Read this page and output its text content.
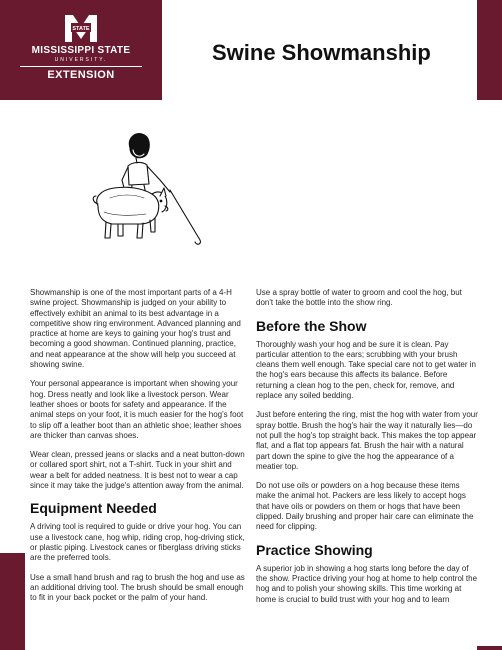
STATE
MISSISSIPPI STATE
UNIVERSITY.
EXTENSION
Swine Showmanship

Showmanship is one of the most important parts of a 4-H swine project. Showmanship is judged on your ability to effectively exhibit an animal to its best advantage in a competitive show ring environment. Advanced planning and practice at home are keys to gaining your hog's trust and becoming a good showman. Continued planning, practice, and neat appearance at the show will help you succeed at showing swine.

Your personal appearance is important when showing your hog. Dress neatly and look like a livestock person. Wear leather shoes or boots for safety and appearance. If the animal steps on your foot, it is much easier for the hog's foot to slip off a leather boot than an athletic shoe; leather shoes are thicker than canvas shoes.

Wear clean, pressed jeans or slacks and a neat button-down or collared sport shirt, not a T-shirt. Tuck in your shirt and wear a belt for added neatness. It is best not to wear a cap since it may take the judge's attention away from the animal.

Equipment Needed

A driving tool is required to guide or drive your hog. You can use a livestock cane, hog whip, riding crop, hog-driving stick, or plastic piping. Livestock canes or fiberglass driving sticks are the preferred tools.

Use a small hand brush and rag to brush the hog and use as an additional driving tool. The brush should be small enough to fit in your back pocket or the palm of your hand.

Use a spray bottle of water to groom and cool the hog, but don't take the bottle into the show ring.

Before the Show

Thoroughly wash your hog and be sure it is clean. Pay particular attention to the ears; scrubbing with your brush cleans them well enough. Take special care not to get water in the hog's ears because this affects its balance. Before returning a clean hog to the pen, check for, remove, and replace any soiled bedding.

Just before entering the ring, mist the hog with water from your spray bottle. Brush the hog's hair the way it naturally lies—do not pull the hog's top straight back. This makes the top appear flat, and a flat top appears fat. Brush the hair with a natural part down the spine to give the hog the appearance of a meatier top.

Do not use oils or powders on a hog because these items make the animal hot. Packers are less likely to accept hogs that have oils or powders on them or hogs that have been clipped. Daily brushing and proper hair care can eliminate the need for clipping.

Practice Showing

A superior job in showing a hog starts long before the day of the show. Practice driving your hog at home to help control the hog and to polish your showing skills. This time working at home is crucial to build trust with your hog and to learn
